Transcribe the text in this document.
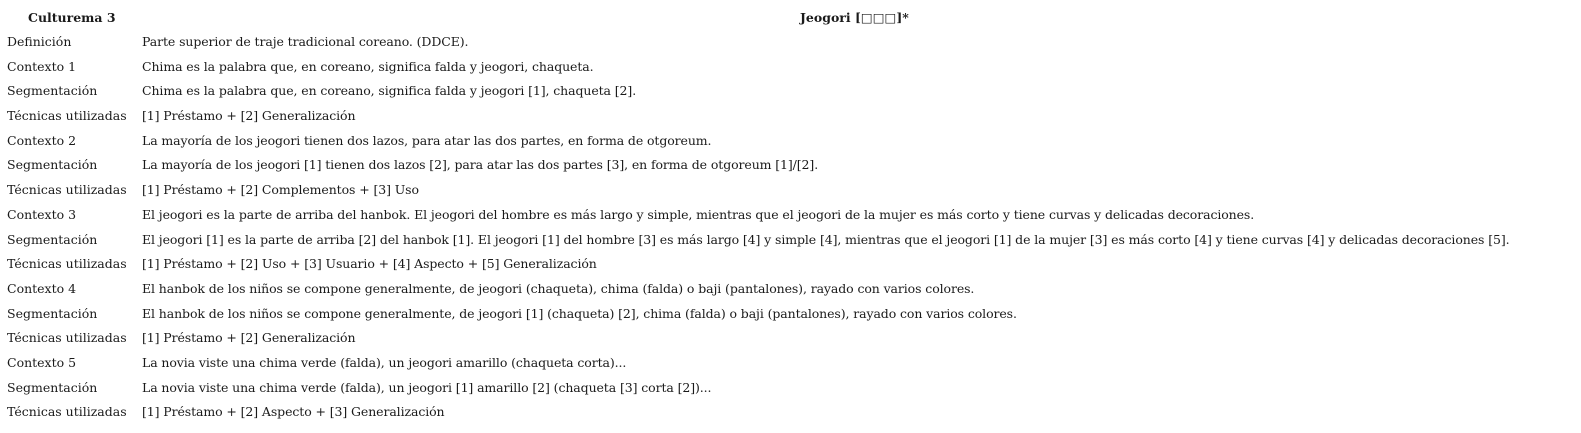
Culturema 3	Jeogori [□□□]*
Definición	Parte superior de traje tradicional coreano. (DDCE).
Contexto 1	Chima es la palabra que, en coreano, significa falda y jeogori, chaqueta.
Segmentación	Chima es la palabra que, en coreano, significa falda y jeogori [1], chaqueta [2].
Técnicas utilizadas [1] Préstamo + [2] Generalización
Contexto 2	La mayoría de los jeogori tienen dos lazos, para atar las dos partes, en forma de otgoreum.
Segmentación	La mayoría de los jeogori [1] tienen dos lazos [2], para atar las dos partes [3], en forma de otgoreum [1]/[2].
Técnicas utilizadas [1] Préstamo + [2] Complementos + [3] Uso
Contexto 3	El jeogori es la parte de arriba del hanbok. El jeogori del hombre es más largo y simple, mientras que el jeogori de la mujer es más corto y tiene curvas y delicadas decoraciones.
Segmentación	El jeogori [1] es la parte de arriba [2] del hanbok [1]. El jeogori [1] del hombre [3] es más largo [4] y simple [4], mientras que el jeogori [1] de la mujer [3] es más corto [4] y tiene curvas [4] y delicadas decoraciones [5].
Técnicas utilizadas [1] Préstamo + [2] Uso + [3] Usuario + [4] Aspecto + [5] Generalización
Contexto 4	El hanbok de los niños se compone generalmente, de jeogori (chaqueta), chima (falda) o baji (pantalones), rayado con varios colores.
Segmentación	El hanbok de los niños se compone generalmente, de jeogori [1] (chaqueta) [2], chima (falda) o baji (pantalones), rayado con varios colores.
Técnicas utilizadas [1] Préstamo + [2] Generalización
Contexto 5	La novia viste una chima verde (falda), un jeogori amarillo (chaqueta corta)...
Segmentación	La novia viste una chima verde (falda), un jeogori [1] amarillo [2] (chaqueta [3] corta [2])...
Técnicas utilizadas [1] Préstamo + [2] Aspecto + [3] Generalización
